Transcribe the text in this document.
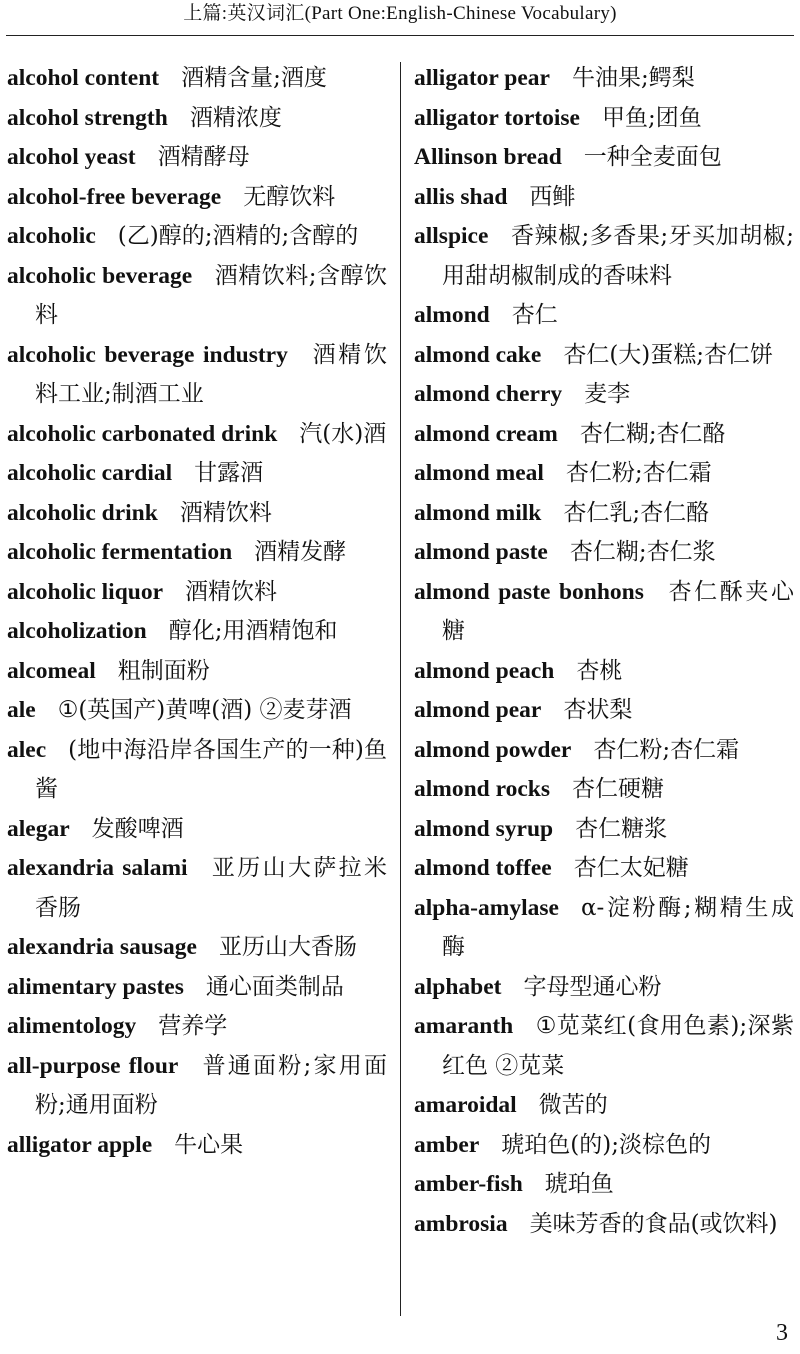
上篇:英汉词汇(Part One:English-Chinese Vocabulary)
alcohol content 酒精含量;酒度
alcohol strength 酒精浓度
alcohol yeast 酒精酵母
alcohol-free beverage 无醇饮料
alcoholic (乙)醇的;酒精的;含醇的
alcoholic beverage 酒精饮料;含醇饮料
alcoholic beverage industry 酒精饮料工业;制酒工业
alcoholic carbonated drink 汽(水)酒
alcoholic cardial 甘露酒
alcoholic drink 酒精饮料
alcoholic fermentation 酒精发酵
alcoholic liquor 酒精饮料
alcoholization 醇化;用酒精饱和
alcomeal 粗制面粉
ale ①(英国产)黄啤(酒) ②麦芽酒
alec (地中海沿岸各国生产的一种)鱼酱
alegar 发酸啤酒
alexandria salami 亚历山大萨拉米香肠
alexandria sausage 亚历山大香肠
alimentary pastes 通心面类制品
alimentology 营养学
all-purpose flour 普通面粉;家用面粉;通用面粉
alligator apple 牛心果
alligator pear 牛油果;鳄梨
alligator tortoise 甲鱼;团鱼
Allinson bread 一种全麦面包
allis shad 西鲱
allspice 香辣椒;多香果;牙买加胡椒;用甜胡椒制成的香味料
almond 杏仁
almond cake 杏仁(大)蛋糕;杏仁饼
almond cherry 麦李
almond cream 杏仁糊;杏仁酪
almond meal 杏仁粉;杏仁霜
almond milk 杏仁乳;杏仁酪
almond paste 杏仁糊;杏仁浆
almond paste bonhons 杏仁酥夹心糖
almond peach 杏桃
almond pear 杏状梨
almond powder 杏仁粉;杏仁霜
almond rocks 杏仁硬糖
almond syrup 杏仁糖浆
almond toffee 杏仁太妃糖
alpha-amylase α-淀粉酶;糊精生成酶
alphabet 字母型通心粉
amaranth ①苋菜红(食用色素);深紫红色 ②苋菜
amaroidal 微苦的
amber 琥珀色(的);淡棕色的
amber-fish 琥珀鱼
ambrosia 美味芳香的食品(或饮料)
3
